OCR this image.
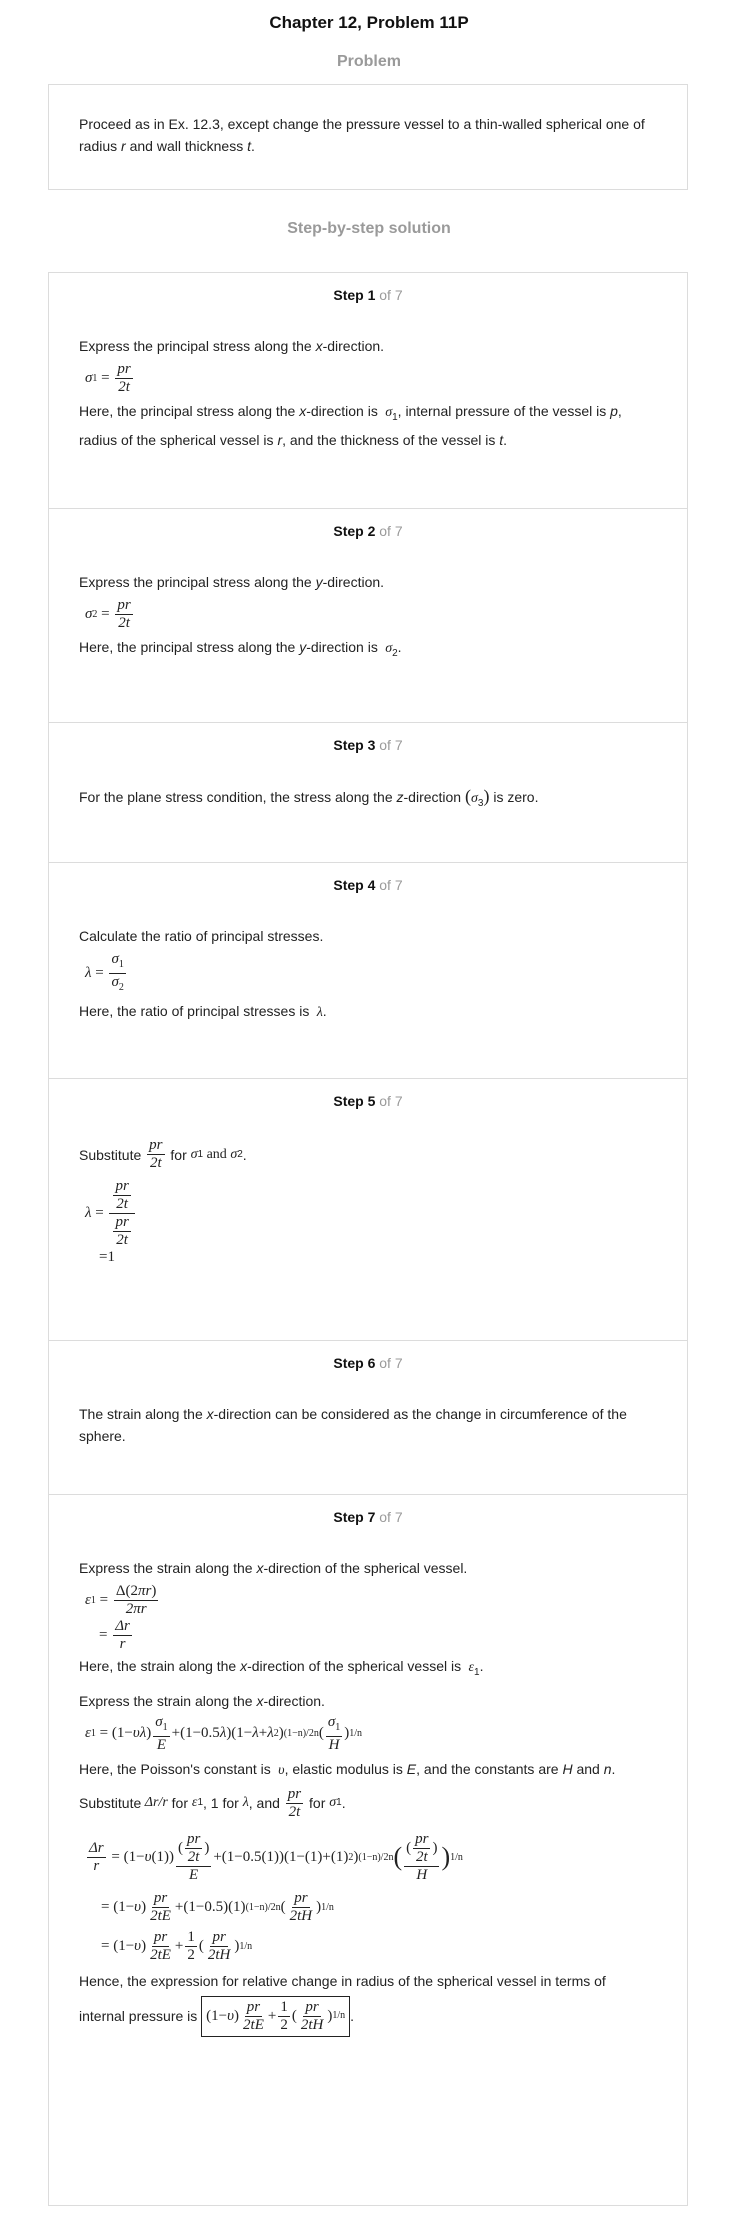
Chapter 12, Problem 11P
Problem
Proceed as in Ex. 12.3, except change the pressure vessel to a thin-walled spherical one of radius r and wall thickness t.
Step-by-step solution
Step 1 of 7

Express the principal stress along the x-direction.

σ $1 = \frac{pr}{2t}$

Here, the principal stress along the x-direction is  $\sigma_1$, internal pressure of the vessel is p, radius of the spherical vessel is r, and the thickness of the vessel is t.

Step 2 of 7

Express the principal stress along the y-direction.

σ $2 = \frac{pr}{2t}$

Here, the principal stress along the y-direction is  $\sigma_2$.

Step 3 of 7

For the plane stress condition, the stress along the z-direction $(\sigma_3)$ is zero.

Step 4 of 7

Calculate the ratio of principal stresses.

$\lambda = \frac{\sigma_1}{\sigma_2}$

Here, the ratio of principal stresses is  λ.

Step 5 of 7

Substitute
$\frac{pr}{2t}$
for
σ 1 and σ 2 .

$\lambda = \frac{\frac{pr}{2t}}{\frac{pr}{2t}}$
=1
Step 6 of 7

The strain along the x-direction can be considered as the change in circumference of the sphere.

Step 7 of 7

Express the strain along the x-direction of the spherical vessel.

ε $1 = \frac{\Delta(2\pi r)}{2\pi r}$
= $\frac{\Delta r}{r}$

Here, the strain along the x-direction of the spherical vessel is  $\varepsilon_1$.

Express the strain along the x-direction.

ε 1 = (1− υλ ) $\frac{\sigma_1}{E} +(1-0.5$ λ )(1− λ + λ 2 ) (1−n)/2n ( $\frac{\sigma_1}{H}$ ) 1/n

Here, the Poisson's constant is  υ, elastic modulus is E, and the constants are H and n.

Substitute Δr/r
for
ε 1 , 1 for
λ , and
$\frac{pr}{2t}$
for
σ 1 .

$\frac{\Delta r}{r} = (1- \upsilon$ $(1)) \frac{( \frac{pr}{2t} )}{E} +(1-0.5(1))(1-(1)+(1)$ 2 ) (1−n)/2n ( $\frac{( \frac{pr}{2t} )}{H}$ ) 1/n
= (1− υ ) $\frac{pr}{2tE} +(1-0.5)(1)$ (1−n)/2n ( $\frac{pr}{2tH}$ ) 1/n
= (1− υ ) $\frac{pr}{2tE} + \frac{1}{2}$ ( $\frac{pr}{2tH}$ ) 1/n

Hence, the expression for relative change in radius of the spherical vessel in terms of

internal pressure is
(1− υ ) $\frac{pr}{2tE} + \frac{1}{2}$ ( $\frac{pr}{2tH}$ ) 1/n .
